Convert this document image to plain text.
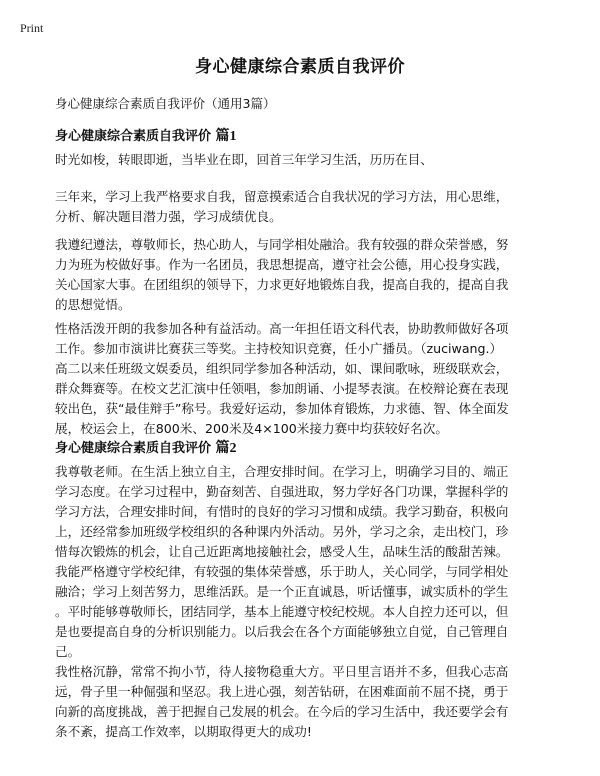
Print
身心健康综合素质自我评价

身心健康综合素质自我评价（通用3篇）

身心健康综合素质自我评价 篇1
时光如梭，转眼即逝，当毕业在即，回首三年学习生活，历历在目、
三年来，学习上我严格要求自我，留意摸索适合自我状况的学习方法，用心思维，
分析、解决题目潜力强，学习成绩优良。
我遵纪遵法，尊敬师长，热心助人，与同学相处融洽。我有较强的群众荣誉感，努
力为班为校做好事。作为一名团员，我思想提高，遵守社会公德，用心投身实践，
关心国家大事。在团组织的领导下，力求更好地锻炼自我，提高自我的，提高自我
的思想觉悟。
性格活泼开朗的我参加各种有益活动。高一年担任语文科代表，协助教师做好各项
工作。参加市演讲比赛获三等奖。主持校知识竞赛，任小广播员。（zuciwang.）
高二以来任班级文娱委员，组织同学参加各种活动，如、课间歌咏，班级联欢会，
群众舞赛等。在校文艺汇演中任领唱，参加朗诵、小提琴表演。在校辩论赛在表现
较出色，获“最佳辩手”称号。我爱好运动，参加体育锻炼，力求德、智、体全面发
展，校运会上，在800米、200米及4×100米接力赛中均获较好名次。
身心健康综合素质自我评价 篇2
我尊敬老师。在生活上独立自主，合理安排时间。在学习上，明确学习目的、端正
学习态度。在学习过程中，勤奋刻苦、自强进取，努力学好各门功课，掌握科学的
学习方法，合理安排时间，有惜时的良好的学习习惯和成绩。我学习勤奋，积极向
上，还经常参加班级学校组织的各种课内外活动。另外，学习之余，走出校门，珍
惜每次锻炼的机会，让自己近距离地接触社会，感受人生，品味生活的酸甜苦辣。
我能严格遵守学校纪律，有较强的集体荣誉感，乐于助人，关心同学，与同学相处
融洽；学习上刻苦努力，思维活跃。是一个正直诚恳，听话懂事，诚实质朴的学生
。平时能够尊敬师长，团结同学，基本上能遵守校纪校规。本人自控力还可以，但
是也要提高自身的分析识别能力。以后我会在各个方面能够独立自觉，自己管理自
己。
我性格沉静，常常不拘小节，待人接物稳重大方。平日里言语并不多，但我心志高
远，骨子里一种倔强和坚忍。我上进心强，刻苦钻研，在困难面前不屈不挠，勇于
向新的高度挑战，善于把握自己发展的机会。在今后的学习生活中，我还要学会有
条不紊，提高工作效率，以期取得更大的成功!
